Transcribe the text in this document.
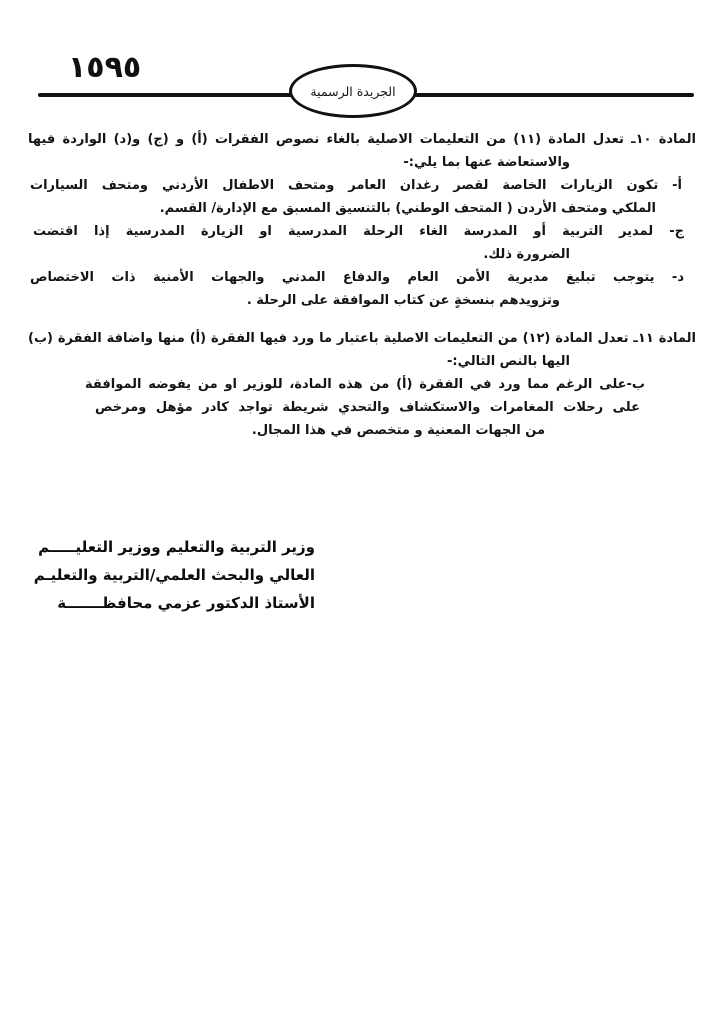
١٥٩٥
الجريدة الرسمية
المادة ١٠ـ تعدل المادة (١١) من التعليمات الاصلية بالغاء نصوص الفقرات (أ) و (ج) و(د) الواردة فيها
والاستعاضة عنها بما يلي:-
أ- تكون الزيارات الخاصة لقصر رغدان العامر ومتحف الاطفال الأردني ومتحف السيارات
الملكي ومتحف الأردن ( المتحف الوطني) بالتنسيق المسبق مع الإدارة/ القسم.
ج- لمدير التربية أو المدرسة الغاء الرحلة المدرسية او الزيارة المدرسية إذا اقتضت
الضرورة ذلك.
د- يتوجب تبليغ مديرية الأمن العام والدفاع المدني والجهات الأمنية ذات الاختصاص
وتزويدهم بنسخةٍ عن كتاب الموافقة على الرحلة .
المادة ١١ـ تعدل المادة (١٢) من التعليمات الاصلية باعتبار ما ورد فيها الفقرة (أ) منها واضافة الفقرة (ب)
اليها بالنص التالي:-
ب-على الرغم مما ورد في الفقرة (أ) من هذه المادة، للوزير او من يفوضه الموافقة
على رحلات المغامرات والاستكشاف والتحدي شريطة تواجد كادر مؤهل ومرخص
من الجهات المعنية و متخصص في هذا المجال.
وزير التربية والتعليم ووزير التعليـــــم
العالي والبحث العلمي/التربية والتعليـم
الأستاذ الدكتور عزمي محافظـــــــة
